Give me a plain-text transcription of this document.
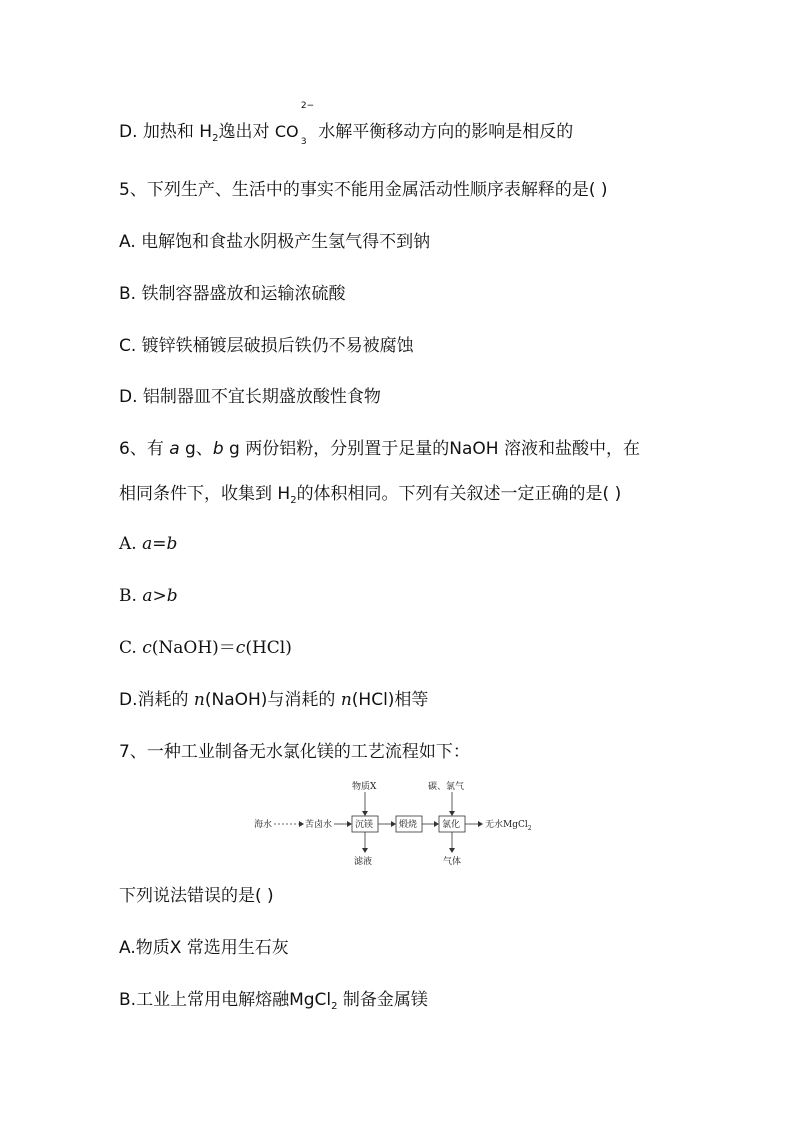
D. 加热和 $H_2$逸出对 CO
2−
3 水解平衡移动方向的影响是相反的
5、下列生产、生活中的事实不能用金属活动性顺序表解释的是( )
A. 电解饱和食盐水阴极产生氢气得不到钠
B. 铁制容器盛放和运输浓硫酸
C. 镀锌铁桶镀层破损后铁仍不易被腐蚀
D. 铝制器皿不宜长期盛放酸性食物
6、有 a g、b g 两份铝粉，分别置于足量的NaOH 溶液和盐酸中，在
相同条件下，收集到 $H_2$的体积相同。下列有关叙述一定正确的是( )
A. a=b
B. a>b
C. c(NaOH)＝c(HCl)
D.消耗的 n(NaOH)与消耗的 n(HCl)相等
7、一种工业制备无水氯化镁的工艺流程如下：
物质X	碳、氯气
海水	苦卤水	沉镁	煅烧	氯化	无水MgCl$_2$
滤液	气体
下列说法错误的是( )
A.物质X 常选用生石灰
B.工业上常用电解熔融MgCl$_2$ 制备金属镁
